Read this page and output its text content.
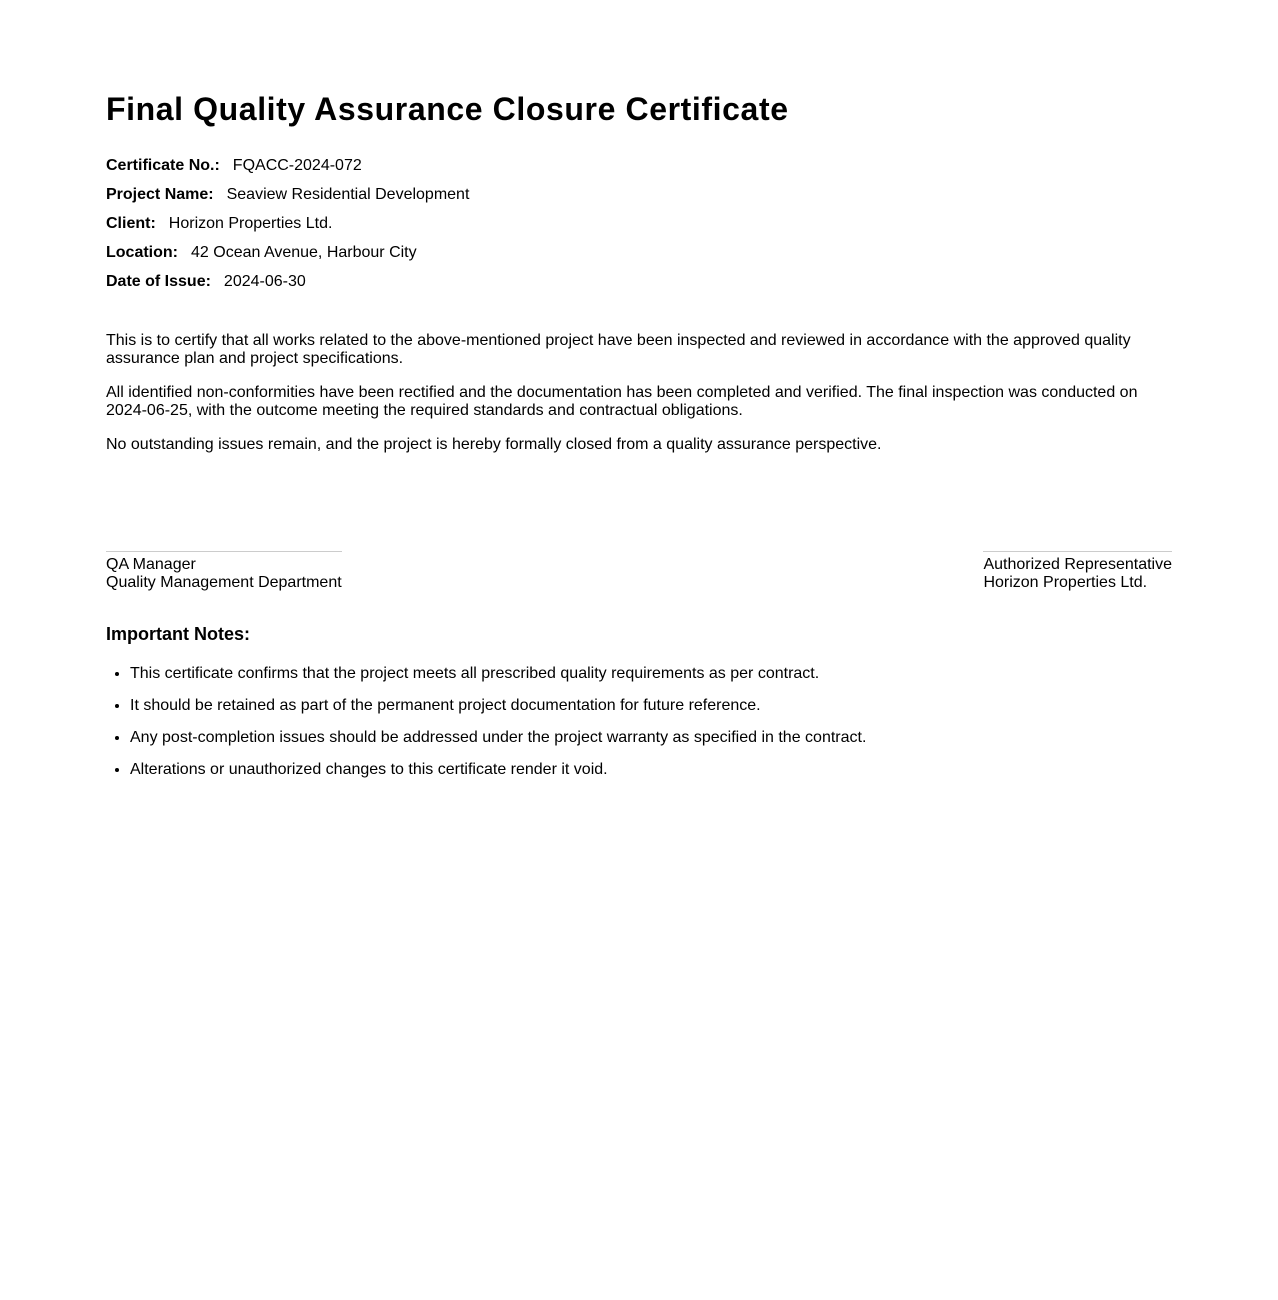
Final Quality Assurance Closure Certificate
Certificate No.: FQACC-2024-072
Project Name: Seaview Residential Development
Client: Horizon Properties Ltd.
Location: 42 Ocean Avenue, Harbour City
Date of Issue: 2024-06-30

This is to certify that all works related to the above-mentioned project have been inspected and reviewed in accordance with the approved quality assurance plan and project specifications.

All identified non-conformities have been rectified and the documentation has been completed and verified. The final inspection was conducted on 2024-06-25, with the outcome meeting the required standards and contractual obligations.

No outstanding issues remain, and the project is hereby formally closed from a quality assurance perspective.

QA Manager
Quality Management Department
Authorized Representative
Horizon Properties Ltd.
Important Notes:
• This certificate confirms that the project meets all prescribed quality requirements as per contract.
• It should be retained as part of the permanent project documentation for future reference.
• Any post-completion issues should be addressed under the project warranty as specified in the contract.
• Alterations or unauthorized changes to this certificate render it void.
